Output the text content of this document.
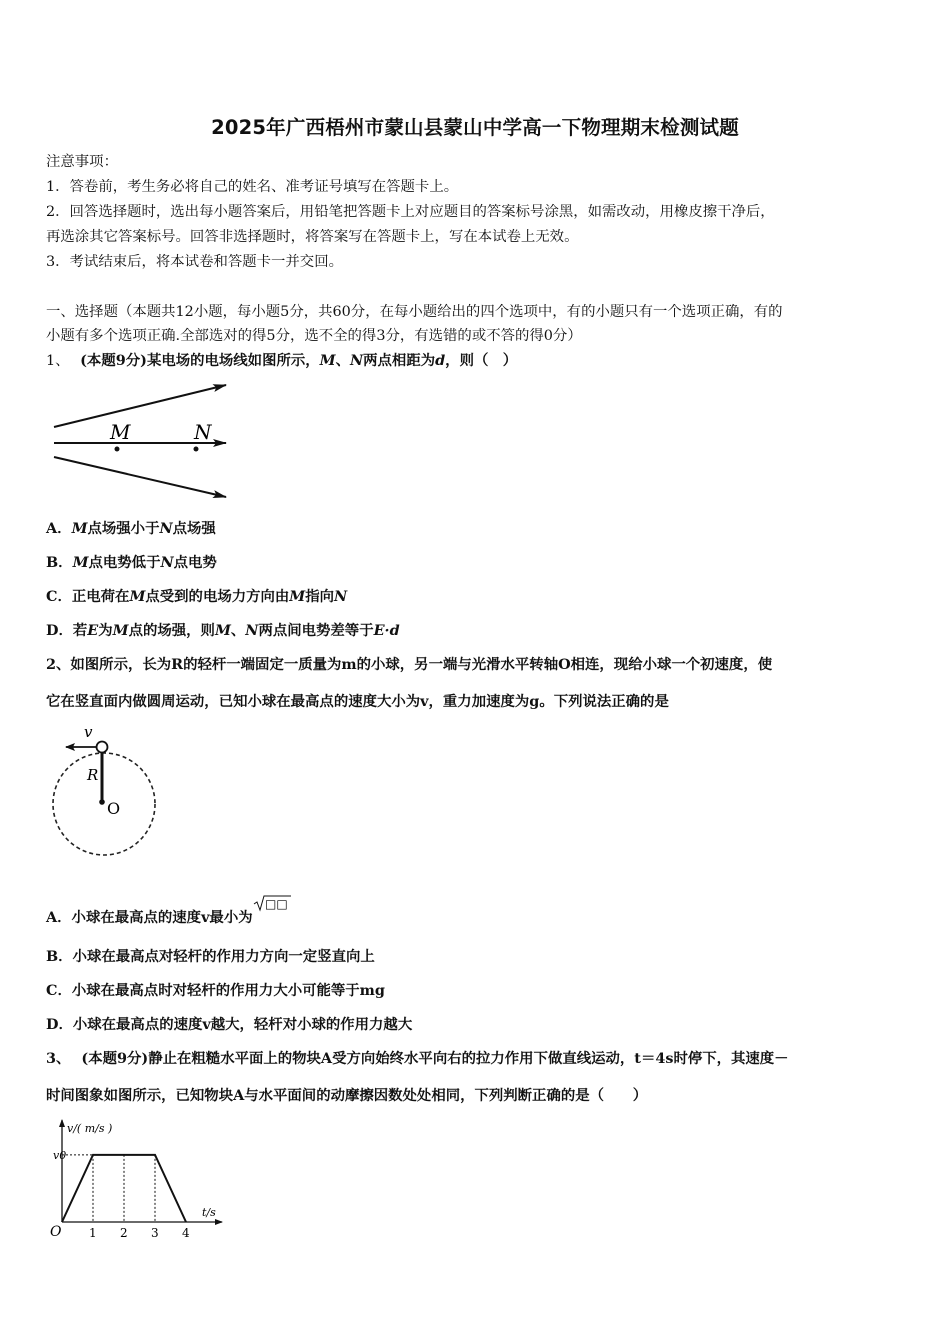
2025年广西梧州市蒙山县蒙山中学高一下物理期末检测试题
注意事项：
1．答卷前，考生务必将自己的姓名、准考证号填写在答题卡上。
2．回答选择题时，选出每小题答案后，用铅笔把答题卡上对应题目的答案标号涂黑，如需改动，用橡皮擦干净后，
再选涂其它答案标号。回答非选择题时，将答案写在答题卡上，写在本试卷上无效。
3．考试结束后，将本试卷和答题卡一并交回。
一、选择题（本题共12小题，每小题5分，共60分，在每小题给出的四个选项中，有的小题只有一个选项正确，有的
小题有多个选项正确.全部选对的得5分，选不全的得3分，有选错的或不答的得0分）
1、 (本题9分)某电场的电场线如图所示，M、N两点相距为d，则（　）
M	N
A．M点场强小于N点场强
B．M点电势低于N点电势
C．正电荷在M点受到的电场力方向由M指向N
D．若E为M点的场强，则M、N两点间电势差等于E·d
2、如图所示，长为R的轻杆一端固定一质量为m的小球，另一端与光滑水平转轴O相连，现给小球一个初速度，使
它在竖直面内做圆周运动，已知小球在最高点的速度大小为v，重力加速度为g。下列说法正确的是
v
R
O
A．小球在最高点的速度v最小为
□□
B．小球在最高点对轻杆的作用力方向一定竖直向上
C．小球在最高点时对轻杆的作用力大小可能等于mg
D．小球在最高点的速度v越大，轻杆对小球的作用力越大
3、 (本题9分)静止在粗糙水平面上的物块A受方向始终水平向右的拉力作用下做直线运动，t＝4s时停下，其速度－
时间图象如图所示，已知物块A与水平面间的动摩擦因数处处相同，下列判断正确的是（　　）
1 2 3 4
v0
O
v/( m/s )
t/s
